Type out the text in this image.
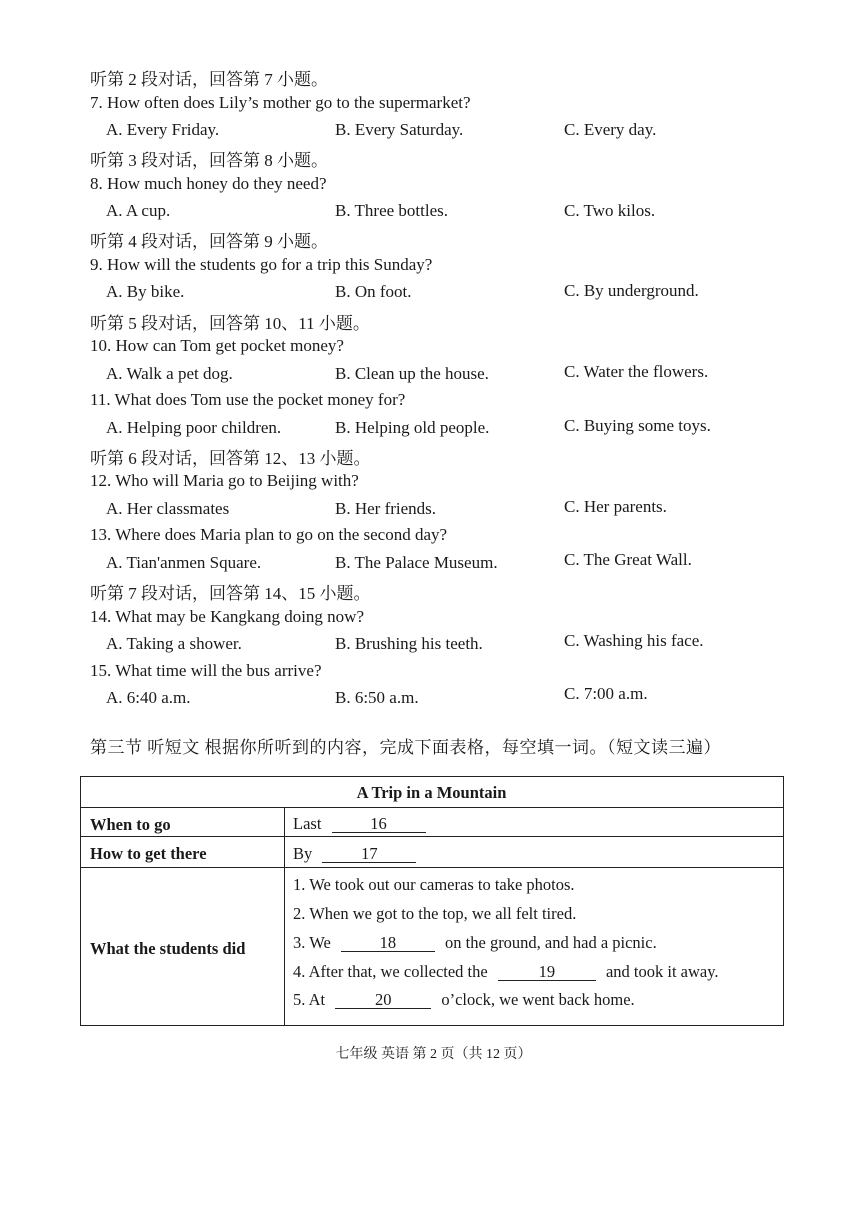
听第 2 段对话，回答第 7 小题。
7. How often does Lily’s mother go to the supermarket?
A. Every Friday.	B. Every Saturday.	C. Every day.
听第 3 段对话，回答第 8 小题。
8. How much honey do they need?
A. A cup.	B. Three bottles.	C. Two kilos.
听第 4 段对话，回答第 9 小题。
9. How will the students go for a trip this Sunday?
A. By bike.	B. On foot.	C. By underground.
听第 5 段对话，回答第 10、11 小题。
10. How can Tom get pocket money?
A. Walk a pet dog.	B. Clean up the house.	C. Water the flowers.
11. What does Tom use the pocket money for?
A. Helping poor children.	B. Helping old people.	C. Buying some toys.
听第 6 段对话，回答第 12、13 小题。
12. Who will Maria go to Beijing with?
A. Her classmates	B. Her friends.	C. Her parents.
13. Where does Maria plan to go on the second day?
A. Tian'anmen Square.	B. The Palace Museum.	C. The Great Wall.
听第 7 段对话，回答第 14、15 小题。
14. What may be Kangkang doing now?
A. Taking a shower.	B. Brushing his teeth.	C. Washing his face.
15. What time will the bus arrive?
A. 6:40 a.m.	B. 6:50 a.m.	C. 7:00 a.m.
第三节 听短文 根据你所听到的内容，完成下面表格，每空填一词。（短文读三遍）
A Trip in a Mountain
When to go	Last	16
How to get there	By	17
What the students did
1. We took out our cameras to take photos.
2. When we got to the top, we all felt tired.
3. We	18	on the ground, and had a picnic.
4. After that, we collected the	19	and took it away.
5. At	20	o’clock, we went back home.
七年级 英语 第 2 页（共 12 页）
